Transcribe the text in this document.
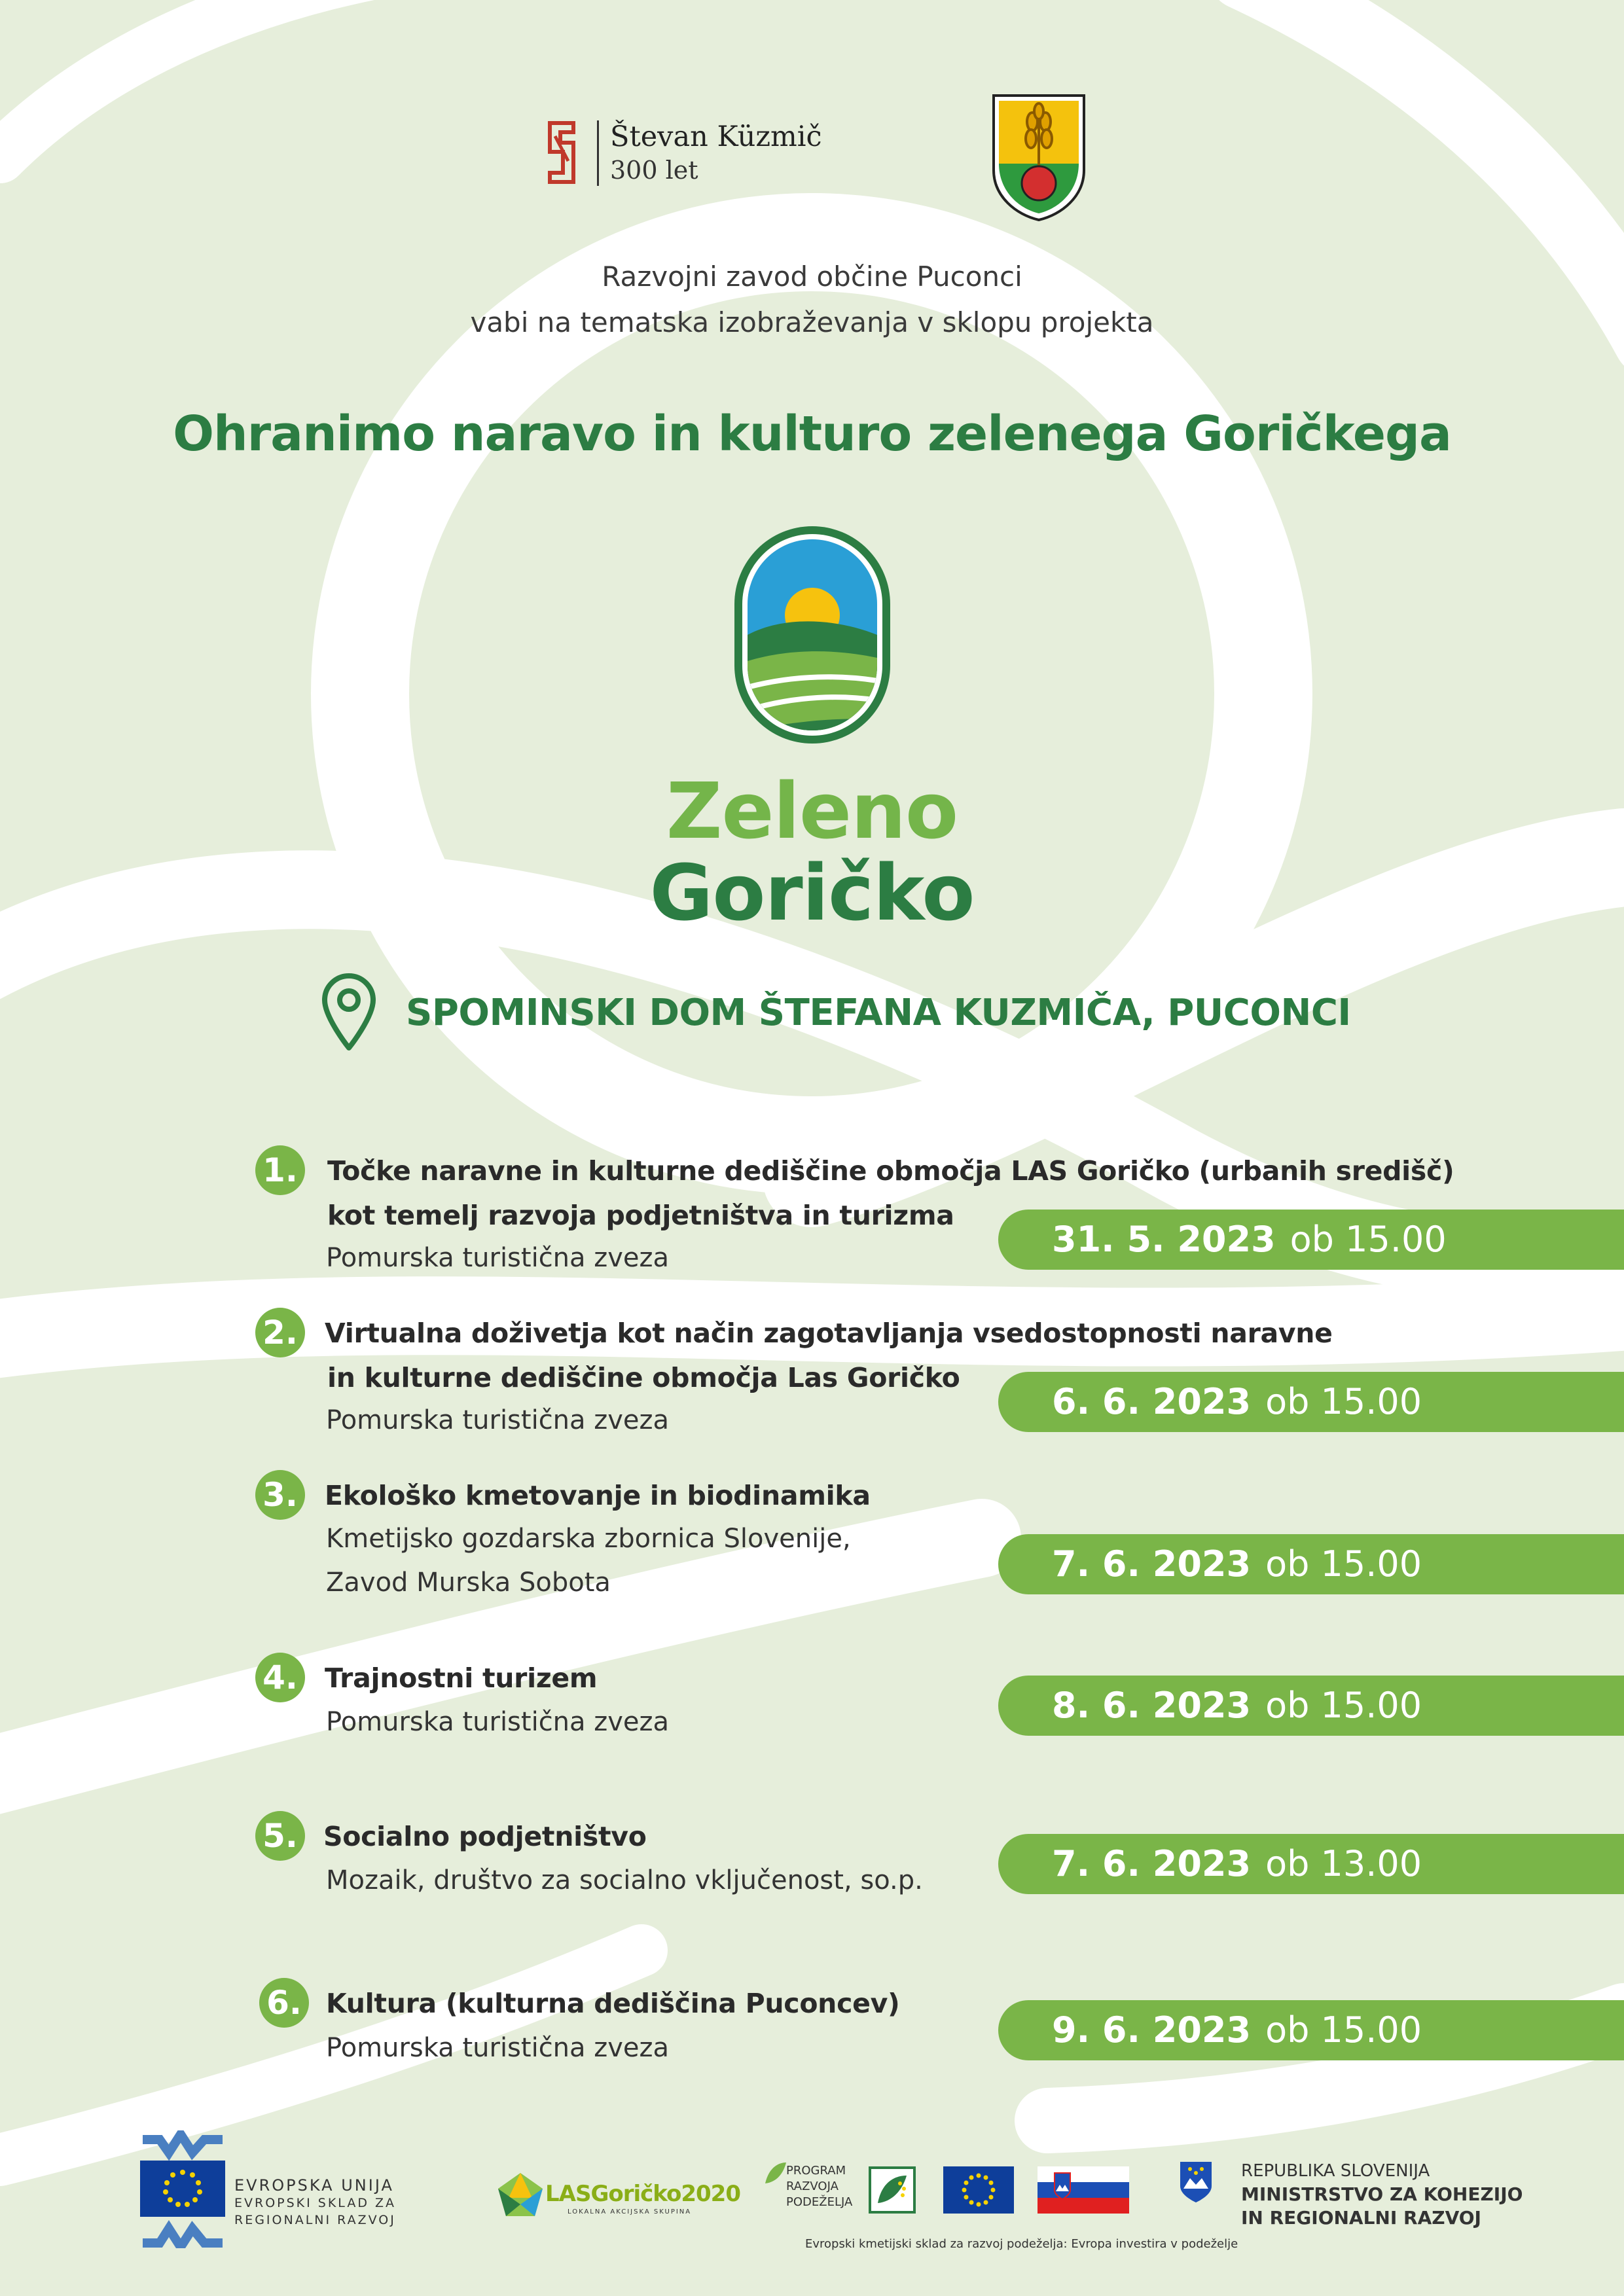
Števan Küzmič
300 let
Razvojni zavod občine Puconci
vabi na tematska izobraževanja v sklopu projekta
Ohranimo naravo in kulturo zelenega Goričkega
Zeleno
Goričko
SPOMINSKI DOM ŠTEFANA KUZMIČA, PUCONCI
1. Točke naravne in kulturne dediščine območja LAS Goričko (urbanih središč)
kot temelj razvoja podjetništva in turizma
Pomurska turistična zveza	31. 5. 2023 ob 15.00
2. Virtualna doživetja kot način zagotavljanja vsedostopnosti naravne
in kulturne dediščine območja Las Goričko
Pomurska turistična zveza	6. 6. 2023 ob 15.00
3. Ekološko kmetovanje in biodinamika
Kmetijsko gozdarska zbornica Slovenije,
Zavod Murska Sobota	7. 6. 2023 ob 15.00
4. Trajnostni turizem
Pomurska turistična zveza	8. 6. 2023 ob 15.00
5. Socialno podjetništvo
Mozaik, društvo za socialno vključenost, so.p.	7. 6. 2023 ob 13.00
6. Kultura (kulturna dediščina Puconcev)
Pomurska turistična zveza	9. 6. 2023 ob 15.00
EVROPSKA UNIJA
EVROPSKI SKLAD ZA
REGIONALNI RAZVOJ
LASGoričko2020
LOKALNA AKCIJSKA SKUPINA
PROGRAM
RAZVOJA
PODEŽELJA
Evropski kmetijski sklad za razvoj podeželja: Evropa investira v podeželje
REPUBLIKA SLOVENIJA
MINISTRSTVO ZA KOHEZIJO
IN REGIONALNI RAZVOJ
